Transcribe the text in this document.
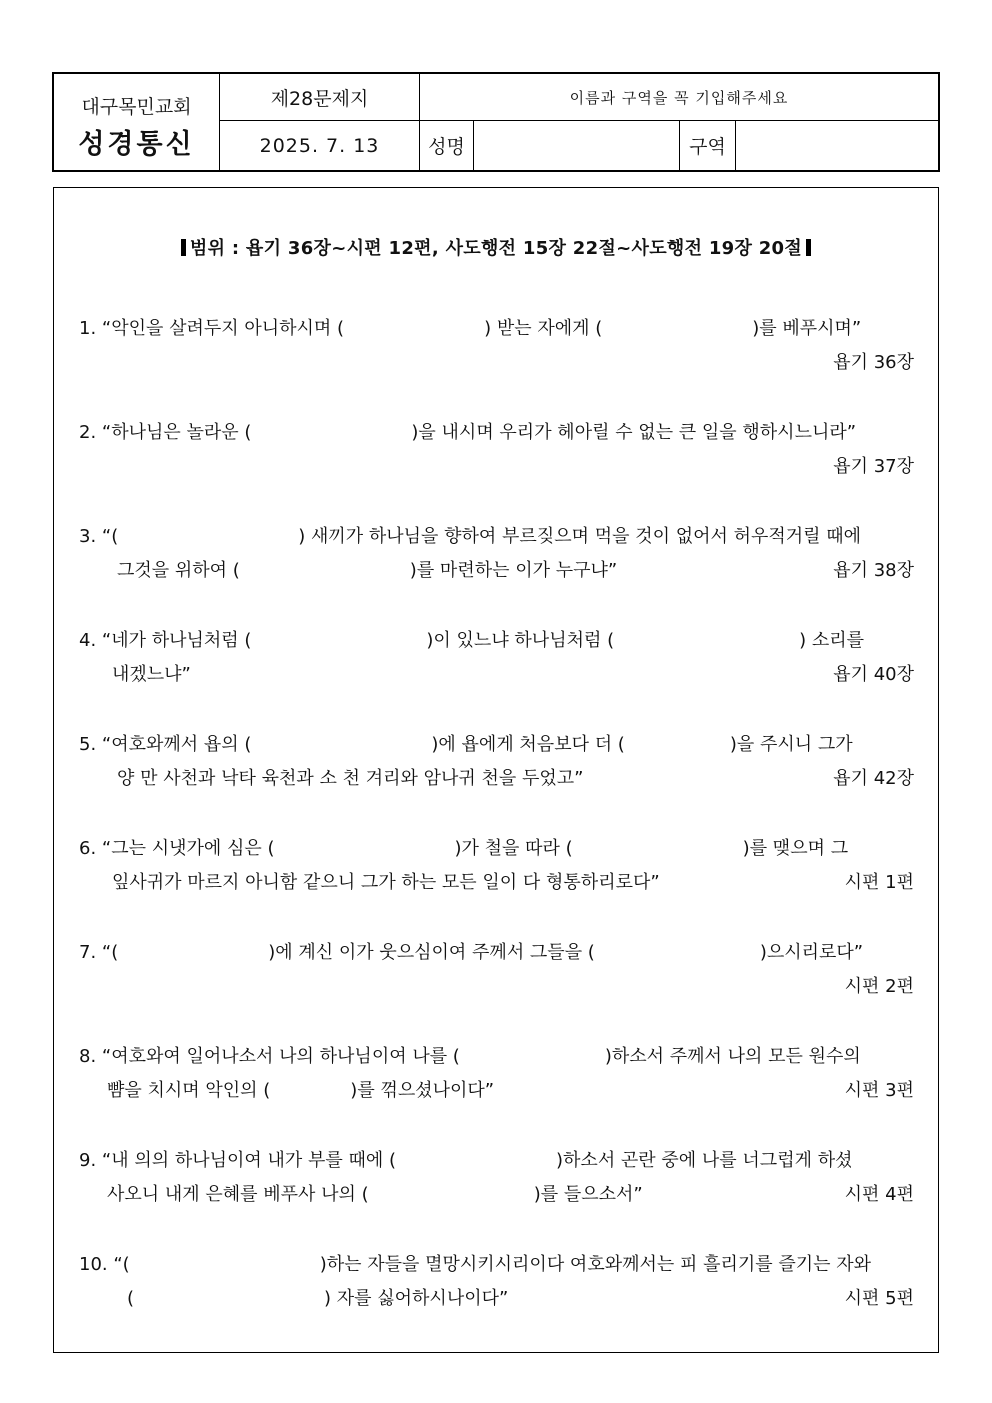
대구목민교회
성경통신
제28문제지	이름과 구역을 꼭 기입해주세요
2025. 7. 13	성명	구역
범위 : 욥기 36장~시편 12편, 사도행전 15장 22절~사도행전 19장 20절
1. “악인을 살려두지 아니하시며 (	) 받는 자에게 (	)를 베푸시며”
욥기 36장
2. “하나님은 놀라운 (	)을 내시며 우리가 헤아릴 수 없는 큰 일을 행하시느니라”
욥기 37장
3. “(	) 새끼가 하나님을 향하여 부르짖으며 먹을 것이 없어서 허우적거릴 때에
그것을 위하여 (	)를 마련하는 이가 누구냐”	욥기 38장
4. “네가 하나님처럼 (	)이 있느냐 하나님처럼 (	) 소리를
내겠느냐”	욥기 40장
5. “여호와께서 욥의 (	)에 욥에게 처음보다 더 (	)을 주시니 그가
양 만 사천과 낙타 육천과 소 천 겨리와 암나귀 천을 두었고”	욥기 42장
6. “그는 시냇가에 심은 (	)가 철을 따라 (	)를 맺으며 그
잎사귀가 마르지 아니함 같으니 그가 하는 모든 일이 다 형통하리로다”	시편 1편
7. “(	)에 계신 이가 웃으심이여 주께서 그들을 (	)으시리로다”
시편 2편
8. “여호와여 일어나소서 나의 하나님이여 나를 (	)하소서 주께서 나의 모든 원수의
뺨을 치시며 악인의 (	)를 꺾으셨나이다”	시편 3편
9. “내 의의 하나님이여 내가 부를 때에 (	)하소서 곤란 중에 나를 너그럽게 하셨
사오니 내게 은혜를 베푸사 나의 (	)를 들으소서”	시편 4편
10. “(	)하는 자들을 멸망시키시리이다 여호와께서는 피 흘리기를 즐기는 자와
(	) 자를 싫어하시나이다”	시편 5편
